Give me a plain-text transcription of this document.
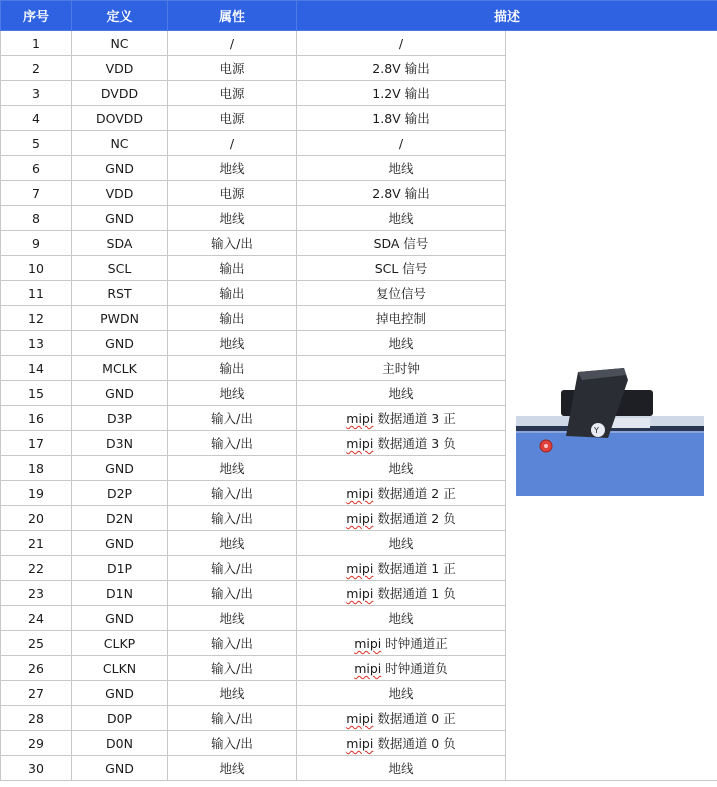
序号	定义	属性	描述	
1	NC	/	/	
2	VDD	电源	2.8V 输出	
3	DVDD	电源	1.2V 输出	
4	DOVDD	电源	1.8V 输出	
5	NC	/	/	
6	GND	地线	地线	
7	VDD	电源	2.8V 输出	
8	GND	地线	地线	
9	SDA	输入/出	SDA 信号	
10	SCL	输出	SCL 信号	
11	RST	输出	复位信号	
12	PWDN	输出	掉电控制	
13	GND	地线	地线	
14	MCLK	输出	主时钟	
15	GND	地线	地线	
16	D3P	输入/出	mipi 数据通道 3 正	
17	D3N	输入/出	mipi 数据通道 3 负	
18	GND	地线	地线	
19	D2P	输入/出	mipi 数据通道 2 正	
20	D2N	输入/出	mipi 数据通道 2 负	
21	GND	地线	地线	
22	D1P	输入/出	mipi 数据通道 1 正	
23	D1N	输入/出	mipi 数据通道 1 负	
24	GND	地线	地线	
25	CLKP	输入/出	mipi 时钟通道正	
26	CLKN	输入/出	mipi 时钟通道负	
27	GND	地线	地线	
28	D0P	输入/出	mipi 数据通道 0 正	
29	D0N	输入/出	mipi 数据通道 0 负	
30	GND	地线	地线	
Y
